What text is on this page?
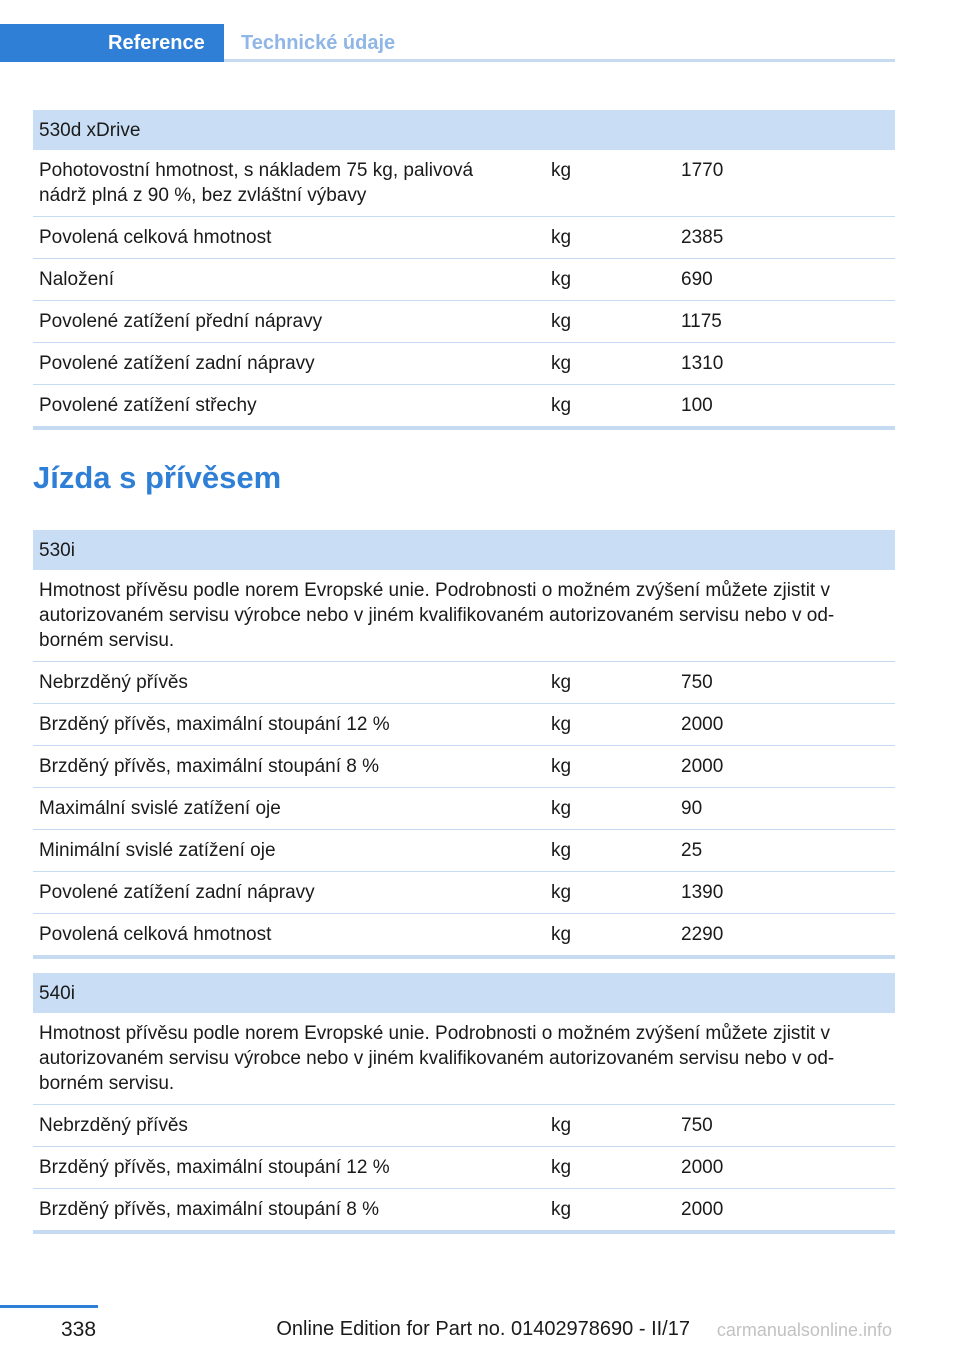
Reference	Technické údaje
530d xDrive		
Pohotovostní hmotnost, s nákladem 75 kg, palivová nádrž plná z 90 %, bez zvláštní výbavy	kg	1770
Povolená celková hmotnost	kg	2385
Naložení	kg	690
Povolené zatížení přední nápravy	kg	1175
Povolené zatížení zadní nápravy	kg	1310
Povolené zatížení střechy	kg	100
Jízda s přívěsem
530i		
Hmotnost přívěsu podle norem Evropské unie. Podrobnosti o možném zvýšení můžete zjistit v autorizovaném servisu výrobce nebo v jiném kvalifikovaném autorizovaném servisu nebo v odborném servisu.		
Nebrzděný přívěs	kg	750
Brzděný přívěs, maximální stoupání 12 %	kg	2000
Brzděný přívěs, maximální stoupání 8 %	kg	2000
Maximální svislé zatížení oje	kg	90
Minimální svislé zatížení oje	kg	25
Povolené zatížení zadní nápravy	kg	1390
Povolená celková hmotnost	kg	2290
540i		
Hmotnost přívěsu podle norem Evropské unie. Podrobnosti o možném zvýšení můžete zjistit v autorizovaném servisu výrobce nebo v jiném kvalifikovaném autorizovaném servisu nebo v odborném servisu.		
Nebrzděný přívěs	kg	750
Brzděný přívěs, maximální stoupání 12 %	kg	2000
Brzděný přívěs, maximální stoupání 8 %	kg	2000
338	Online Edition for Part no. 01402978690 - II/17 carmanualsonline.info
